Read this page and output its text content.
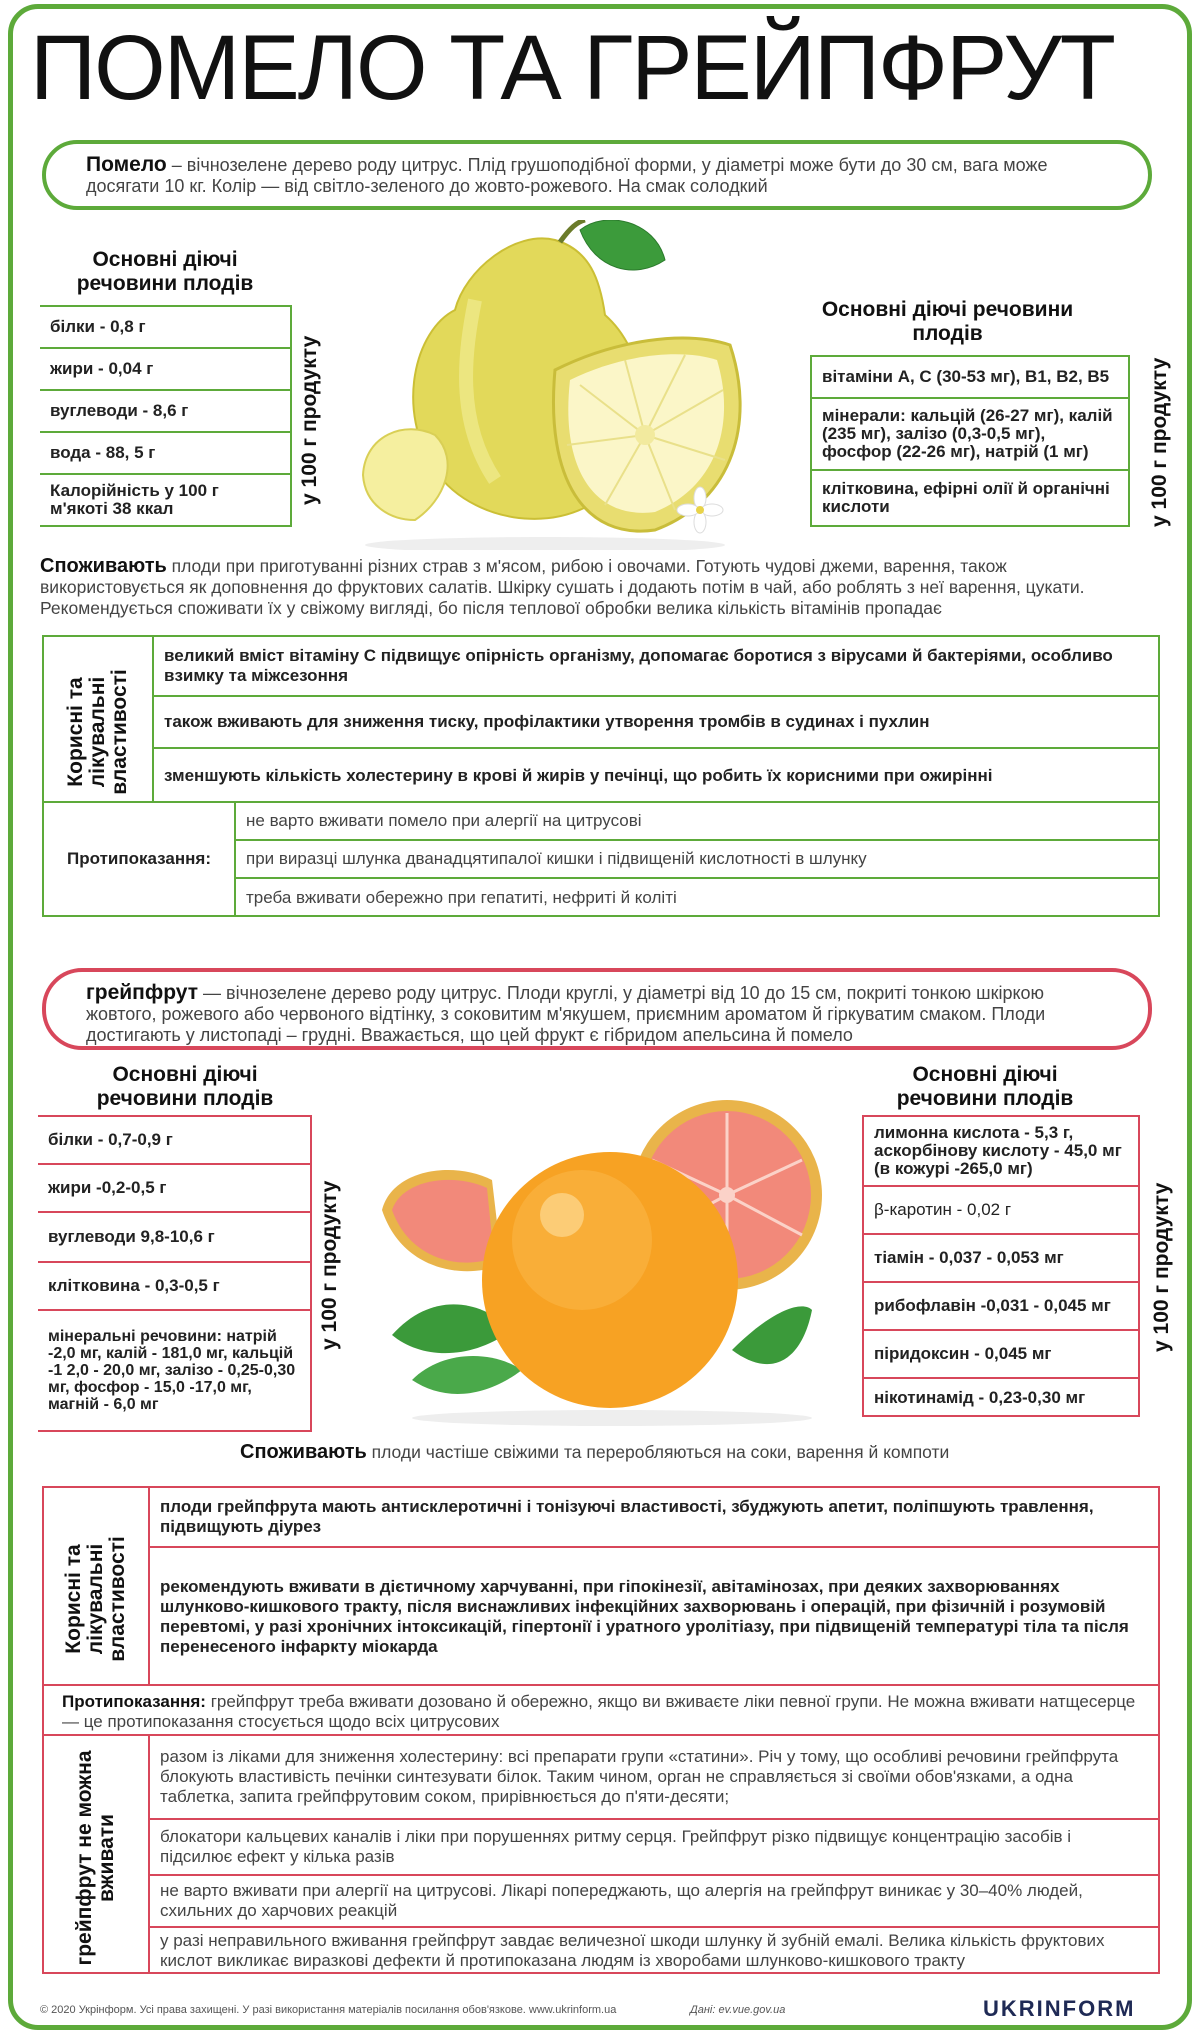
ПОМЕЛО ТА ГРЕЙПФРУТ
Помело – вічнозелене дерево роду цитрус. Плід грушоподібної форми, у діаметрі може бути до 30 см, вага може досягати 10 кг. Колір — від світло-зеленого до жовто-рожевого. На смак солодкий
Основні діючі речовини плодів
білки - 0,8 г
жири - 0,04 г
вуглеводи - 8,6 г
вода - 88, 5 г
Калорійність у 100 г м'якоті 38 ккал
у 100 г продукту
Основні діючі речовини плодів
вітаміни А, С (30-53 мг), В1, В2, В5
мінерали: кальцій (26-27 мг), калій (235 мг), залізо (0,3-0,5 мг), фосфор (22-26 мг), натрій (1 мг)
клітковина, ефірні олії й органічні кислоти	у 100 г продукту
Споживають плоди при приготуванні різних страв з м'ясом, рибою і овочами. Готують чудові джеми, варення, також використовується як доповнення до фруктових салатів. Шкірку сушать і додають потім в чай, або роблять з неї варення, цукати. Рекомендується споживати їх у свіжому вигляді, бо після теплової обробки велика кількість вітамінів пропадає
Корисні та лікувальні властивості
великий вміст вітаміну С підвищує опірність організму, допомагає боротися з вірусами й бактеріями, особливо взимку та міжсезоння
також вживають для зниження тиску, профілактики утворення тромбів в судинах і пухлин
зменшують кількість холестерину в крові й жирів у печінці, що робить їх корисними при ожирінні
Протипоказання:
не варто вживати помело при алергії на цитрусові
при виразці шлунка дванадцятипалої кишки і підвищеній кислотності в шлунку
треба вживати обережно при гепатиті, нефриті й коліті
грейпфрут — вічнозелене дерево роду цитрус. Плоди круглі, у діаметрі від 10 до 15 см, покриті тонкою шкіркою жовтого, рожевого або червоного відтінку, з соковитим м'якушем, приємним ароматом й гіркуватим смаком. Плоди достигають у листопаді – грудні. Вважається, що цей фрукт є гібридом апельсина й помело
Основні діючі речовини плодів
білки - 0,7-0,9 г
жири -0,2-0,5 г
вуглеводи 9,8-10,6 г
клітковина - 0,3-0,5 г
мінеральні речовини: натрій -2,0 мг, калій - 181,0 мг, кальцій -1 2,0 - 20,0 мг, залізо - 0,25-0,30 мг, фосфор - 15,0 -17,0 мг, магній - 6,0 мг
у 100 г продукту
Основні діючі речовини плодів
лимонна кислота - 5,3 г, аскорбінову кислоту - 45,0 мг (в кожурі -265,0 мг)
β-каротин - 0,02 г
тіамін - 0,037 - 0,053 мг
рибофлавін -0,031 - 0,045 мг
піридоксин - 0,045 мг
нікотинамід - 0,23-0,30 мг
у 100 г продукту
Споживають плоди частіше свіжими та переробляються на соки, варення й компоти
Корисні та лікувальні властивості
плоди грейпфрута мають антисклеротичні і тонізуючі властивості, збуджують апетит, поліпшують травлення, підвищують діурез
рекомендують вживати в дієтичному харчуванні, при гіпокінезії, авітамінозах, при деяких захворюваннях шлунково-кишкового тракту, після виснажливих інфекційних захворювань і операцій, при фізичній і розумовій перевтомі, у разі хронічних інтоксикацій, гіпертонії і уратного уролітіазу, при підвищеній температурі тіла та після перенесеного інфаркту міокарда
Протипоказання: грейпфрут треба вживати дозовано й обережно, якщо ви вживаєте ліки певної групи. Не можна вживати натщесерце — це протипоказання стосується щодо всіх цитрусових
грейпфрут не можна вживати
разом із ліками для зниження холестерину: всі препарати групи «статини». Річ у тому, що особливі речовини грейпфрута блокують властивість печінки синтезувати білок. Таким чином, орган не справляється зі своїми обов'язками, а одна таблетка, запита грейпфрутовим соком, прирівнюється до п'яти-десяти;
блокатори кальцевих каналів і ліки при порушеннях ритму серця. Грейпфрут різко підвищує концентрацію засобів і підсилює ефект у кілька разів
не варто вживати при алергії на цитрусові. Лікарі попереджають, що алергія на грейпфрут виникає у 30–40% людей, схильних до харчових реакцій
у разі неправильного вживання грейпфрут завдає величезної шкоди шлунку й зубній емалі. Велика кількість фруктових кислот викликає виразкові дефекти й протипоказана людям із хворобами шлунково-кишкового тракту
© 2020 Укрінформ. Усі права захищені. У разі використання матеріалів посилання обов'язкове. www.ukrinform.ua	Дані: ev.vue.gov.ua	UKRINFORM
